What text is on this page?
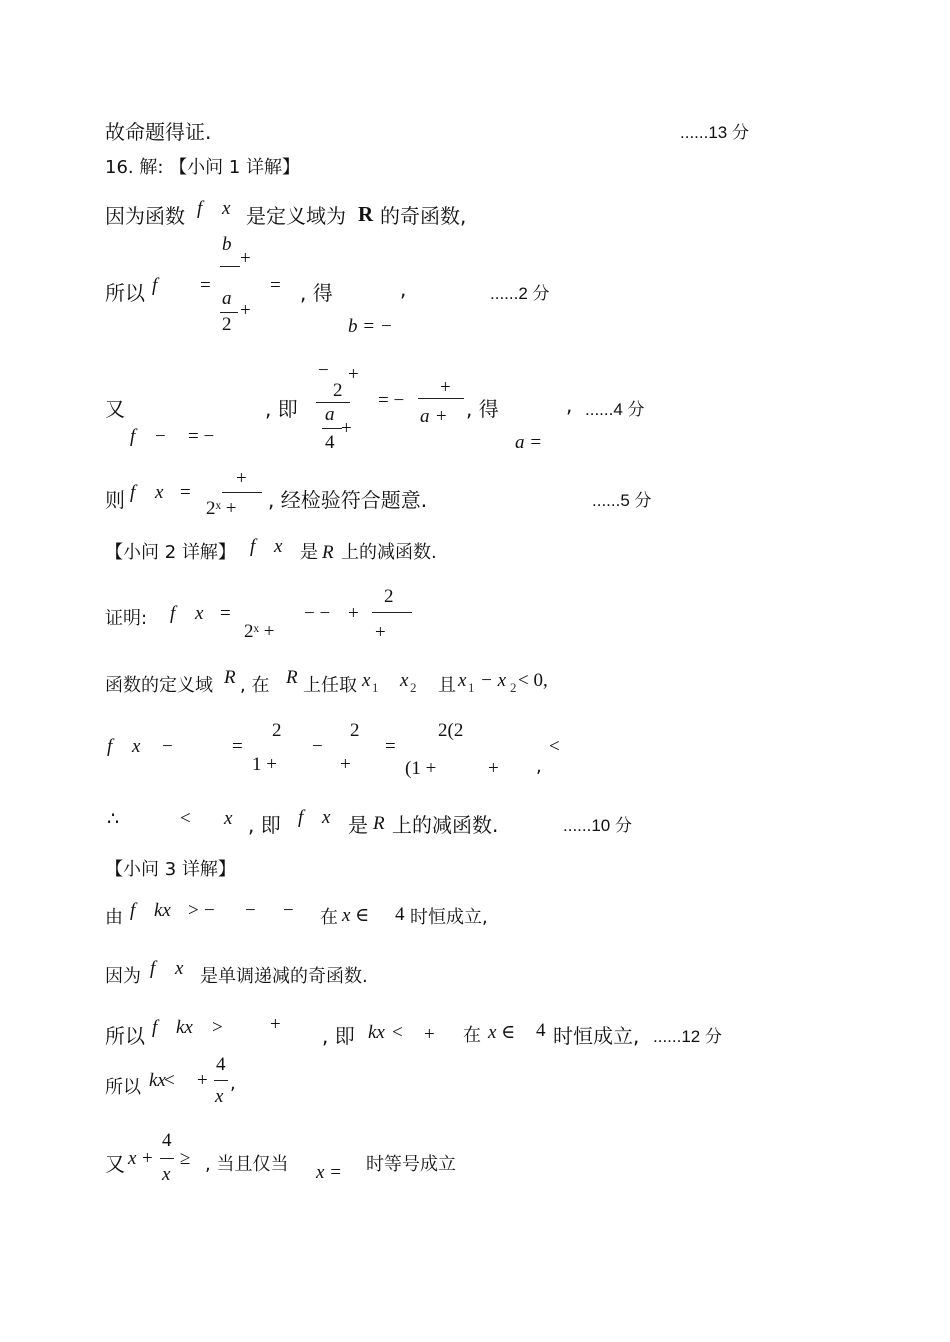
故命题得证.	......13 分
16. 解: 【小问 1 详解】
因为函数 f x 是定义域为 R 的奇函数,
b
+
所以 f =
a
= , 得	,	......2 分
2
+
b = −
−
2
+
又	, 即 a
= −
+
a + , 得	, ......4 分
f − = −	4
+
a =
+
则 f x =
2ˣ + , 经检验符合题意.	......5 分
【小问 2 详解】 f x 是 R 上的减函数.
2
证明: f x =
2ˣ +
− − +
+
函数的定义域 R , 在 R 上任取 x 1 x 2 且 x 1 − x 2 < 0,
2	2	2(2
f x −	=
1 +
−
+
=
(1 +	+ ,
<
∴	< x , 即 f x 是 R 上的减函数.	......10 分
【小问 3 详解】
由 f kx > − − − 在 x ∈ 4 时恒成立,
因为 f x 是单调递减的奇函数.
所以 f kx > + , 即 kx < + 在 x ∈ 4 时恒成立, ......12 分
4
所以 kx
< +
x
,
4
又 x +
x
≥ , 当且仅当 x = 时等号成立
